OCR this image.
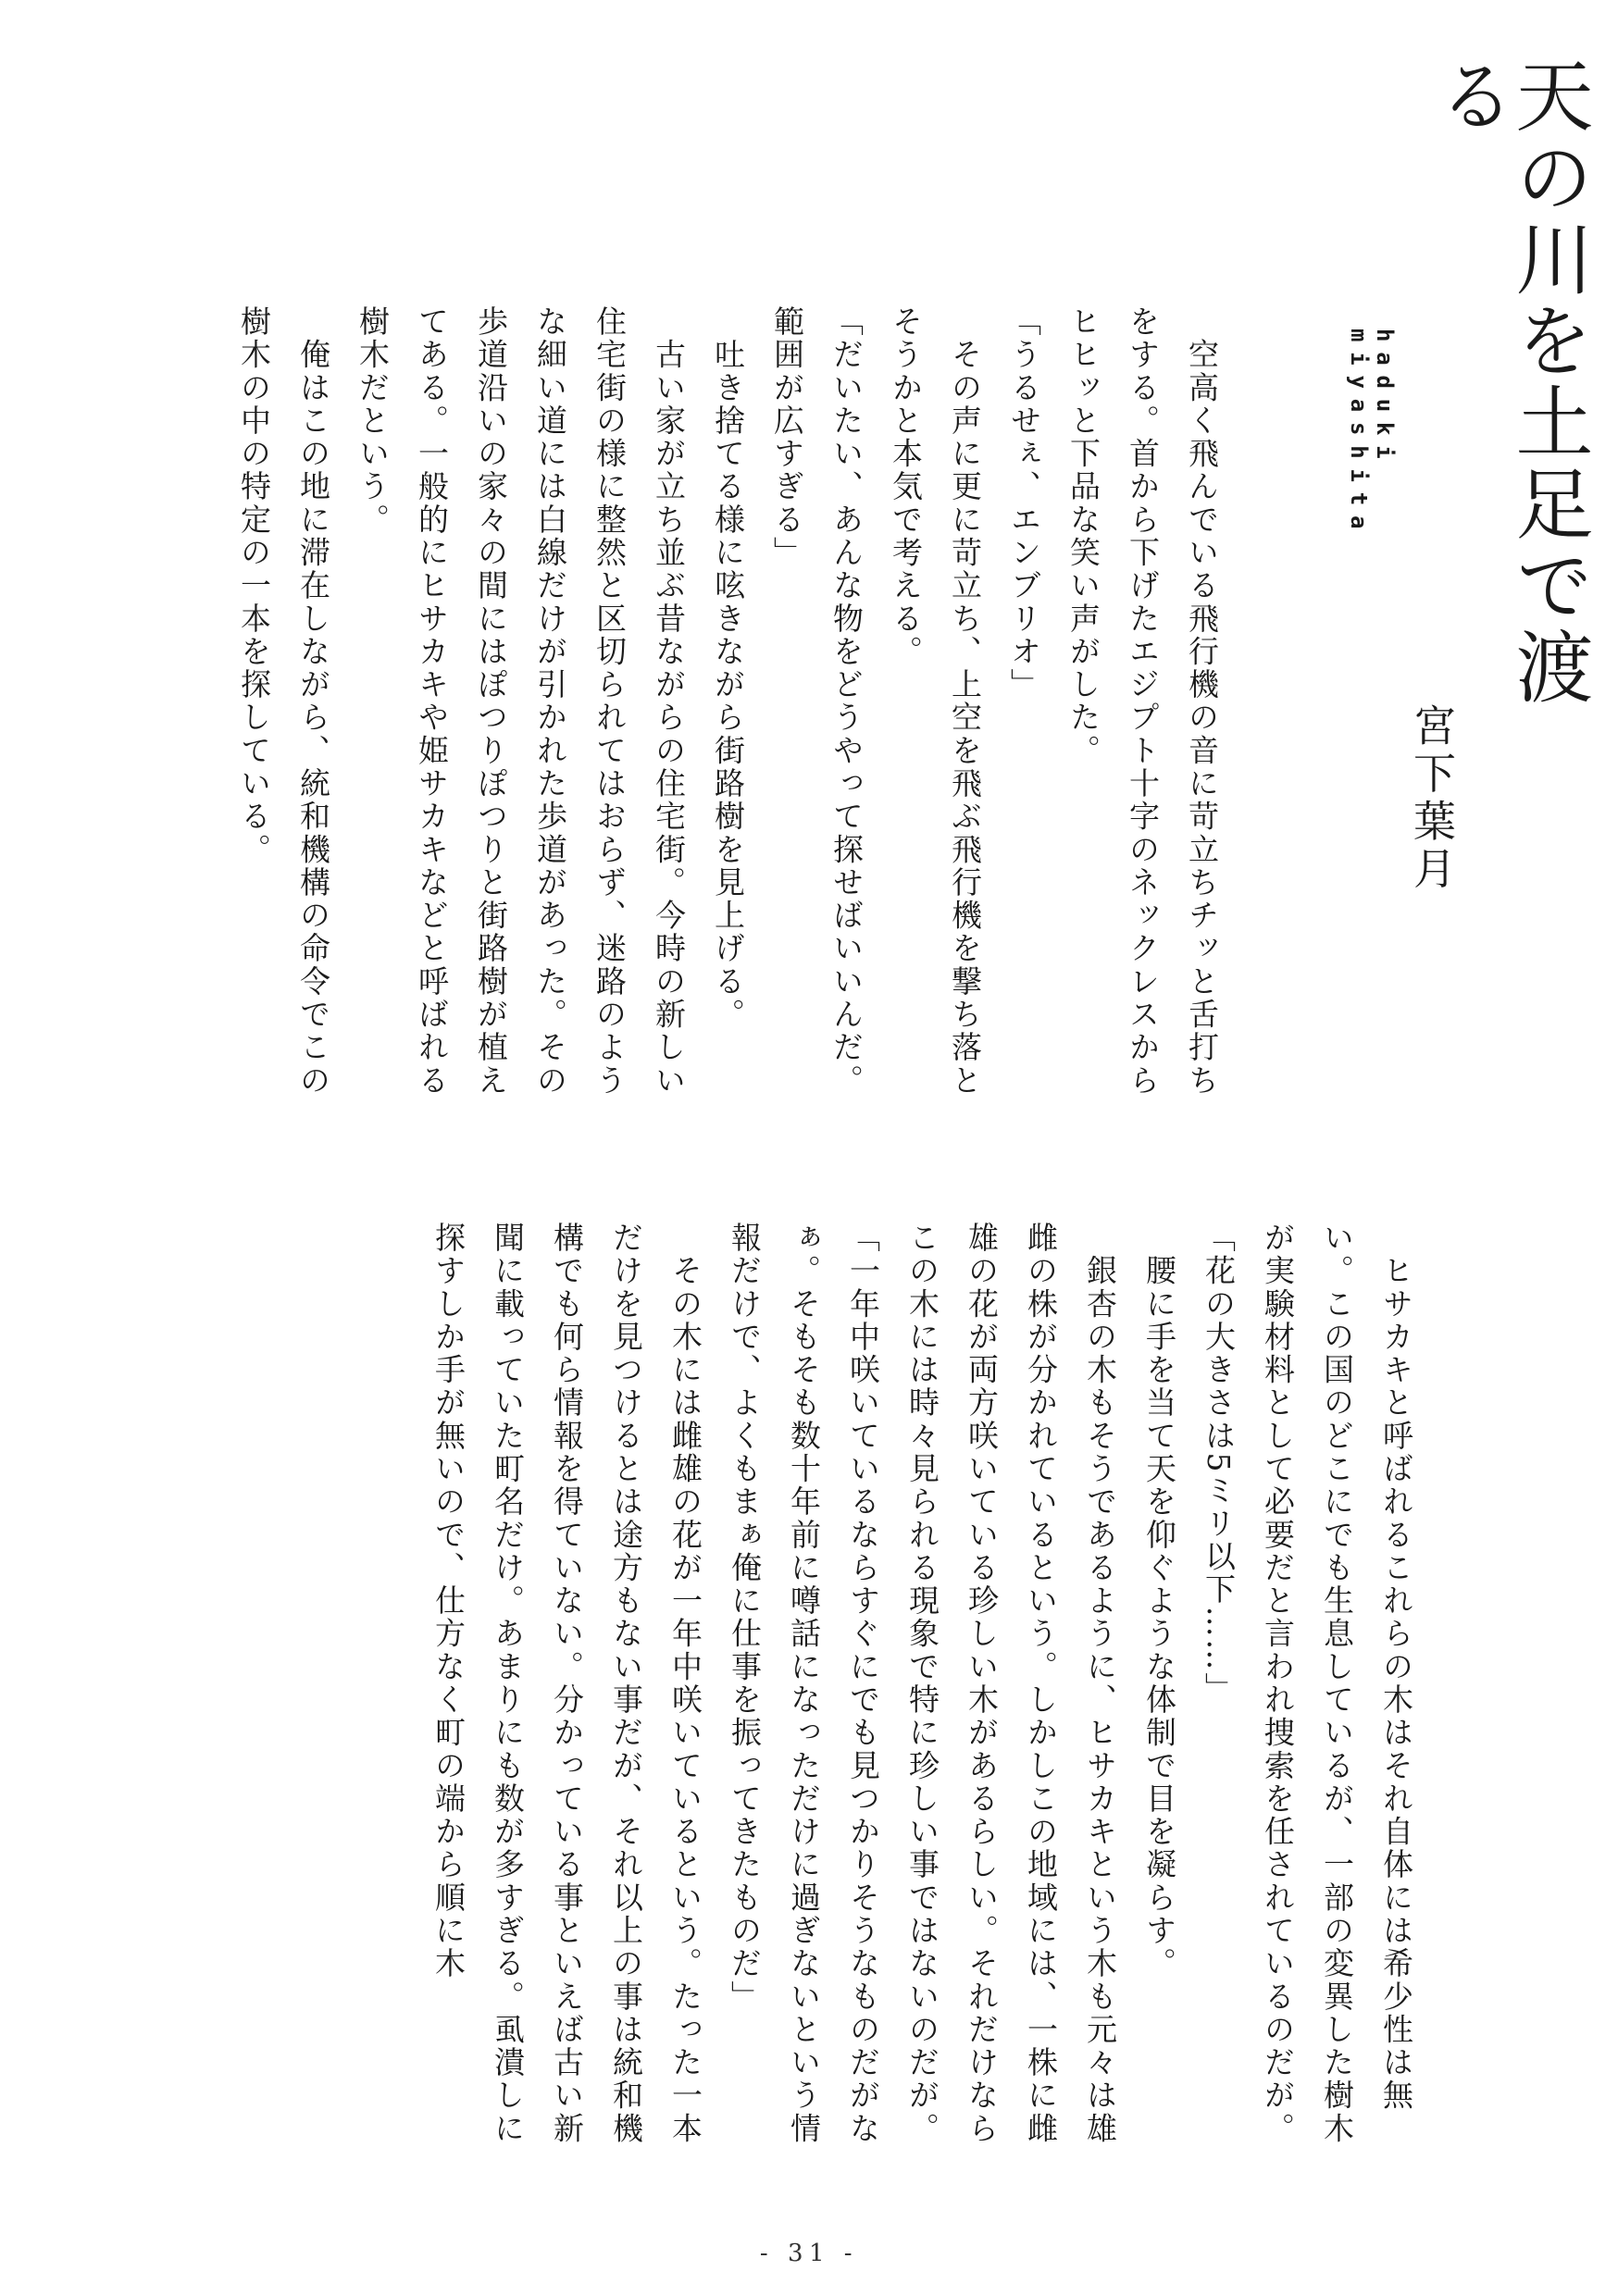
天の川を土足で渡る
haduki miyashita
宮下葉月

　空高く飛んでいる飛行機の音に苛立ちチッと舌打ちをする。首から下げたエジプト十字のネックレスからヒヒッと下品な笑い声がした。

「うるせぇ、エンブリオ」

　その声に更に苛立ち、上空を飛ぶ飛行機を撃ち落とそうかと本気で考える。

「だいたい、あんな物をどうやって探せばいいんだ。範囲が広すぎる」

　吐き捨てる様に呟きながら街路樹を見上げる。

　古い家が立ち並ぶ昔ながらの住宅街。今時の新しい住宅街の様に整然と区切られてはおらず、迷路のような細い道には白線だけが引かれた歩道があった。その歩道沿いの家々の間にはぽつりぽつりと街路樹が植えてある。一般的にヒサカキや姫サカキなどと呼ばれる樹木だという。

　俺はこの地に滞在しながら、統和機構の命令でこの樹木の中の特定の一本を探している。

　ヒサカキと呼ばれるこれらの木はそれ自体には希少性は無い。この国のどこにでも生息しているが、一部の変異した樹木が実験材料として必要だと言われ捜索を任されているのだが。

「花の大きさは5ミリ以下……」

　腰に手を当て天を仰ぐような体制で目を凝らす。

　銀杏の木もそうであるように、ヒサカキという木も元々は雄雌の株が分かれているという。しかしこの地域には、一株に雌雄の花が両方咲いている珍しい木があるらしい。それだけならこの木には時々見られる現象で特に珍しい事ではないのだが。

「一年中咲いているならすぐにでも見つかりそうなものだがなぁ。そもそも数十年前に噂話になっただけに過ぎないという情報だけで、よくもまぁ俺に仕事を振ってきたものだ」

　その木には雌雄の花が一年中咲いているという。たった一本だけを見つけるとは途方もない事だが、それ以上の事は統和機構でも何ら情報を得ていない。分かっている事といえば古い新聞に載っていた町名だけ。あまりにも数が多すぎる。虱潰しに探すしか手が無いので、仕方なく町の端から順に木

- 31 -
